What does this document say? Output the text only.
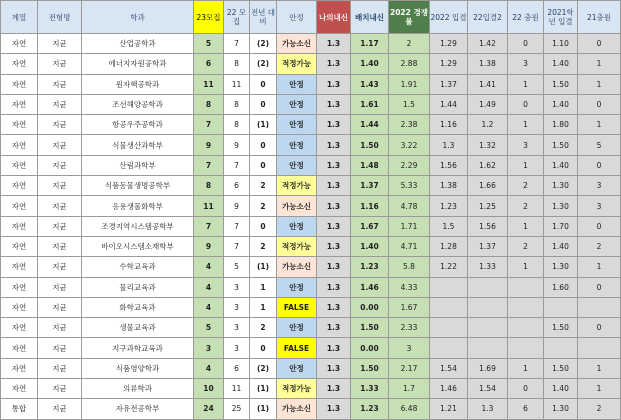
계열	전형명	학과	23모집	22 모집	전년 대비	안정	나의내신	배치내신	2022 경쟁률	2022 입결	22입결2	22 충원	2021학년 입결	21충원
자연	지균	산업공학과	5	7	(2)	가능소신	1.3	1.17	2	1.29	1.42	0	1.10	0
자연	지균	에너지자원공학과	6	8	(2)	적정가능	1.3	1.40	2.88	1.29	1.38	3	1.40	1
자연	지균	원자핵공학과	11	11	0	안정	1.3	1.43	1.91	1.37	1.41	1	1.50	1
자연	지균	조선해양공학과	8	8	0	안정	1.3	1.61	1.5	1.44	1.49	0	1.40	0
자연	지균	항공우주공학과	7	8	(1)	안정	1.3	1.44	2.38	1.16	1.2	1	1.80	1
자연	지균	식물생산과학부	9	9	0	안정	1.3	1.50	3.22	1.3	1.32	3	1.50	5
자연	지균	산림과학부	7	7	0	안정	1.3	1.48	2.29	1.56	1.62	1	1.40	0
자연	지균	식품동물생명공학부	8	6	2	적정가능	1.3	1.37	5.33	1.38	1.66	2	1.30	3
자연	지균	응용생물화학부	11	9	2	가능소신	1.3	1.16	4.78	1.23	1.25	2	1.30	3
자연	지균	조경지역시스템공학부	7	7	0	안정	1.3	1.67	1.71	1.5	1.56	1	1.70	0
자연	지균	바이오시스템소재학부	9	7	2	적정가능	1.3	1.40	4.71	1.28	1.37	2	1.40	2
자연	지균	수학교육과	4	5	(1)	가능소신	1.3	1.23	5.8	1.22	1.33	1	1.30	1
자연	지균	물리교육과	4	3	1	안정	1.3	1.46	4.33				1.60	0
자연	지균	화학교육과	4	3	1	FALSE	1.3	0.00	1.67					
자연	지균	생물교육과	5	3	2	안정	1.3	1.50	2.33				1.50	0
자연	지균	지구과학교육과	3	3	0	FALSE	1.3	0.00	3					
자연	지균	식품영양학과	4	6	(2)	안정	1.3	1.50	2.17	1.54	1.69	1	1.50	1
자연	지균	의류학과	10	11	(1)	적정가능	1.3	1.33	1.7	1.46	1.54	0	1.40	1
통합	지균	자유전공학부	24	25	(1)	가능소신	1.3	1.23	6.48	1.21	1.3	6	1.30	2
